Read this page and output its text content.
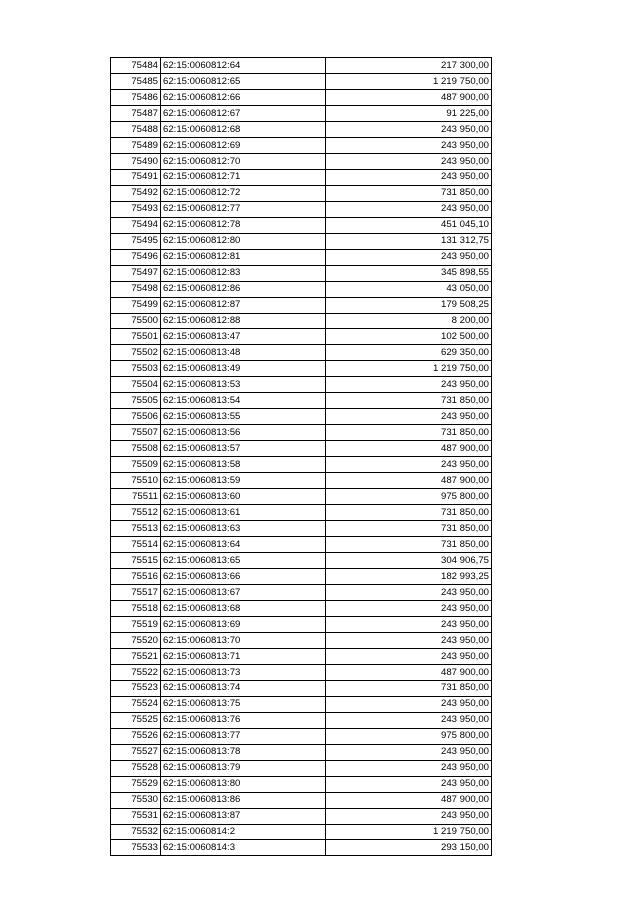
75484	62:15:0060812:64	217 300,00
75485	62:15:0060812:65	1 219 750,00
75486	62:15:0060812:66	487 900,00
75487	62:15:0060812:67	91 225,00
75488	62:15:0060812:68	243 950,00
75489	62:15:0060812:69	243 950,00
75490	62:15:0060812:70	243 950,00
75491	62:15:0060812:71	243 950,00
75492	62:15:0060812:72	731 850,00
75493	62:15:0060812:77	243 950,00
75494	62:15:0060812:78	451 045,10
75495	62:15:0060812:80	131 312,75
75496	62:15:0060812:81	243 950,00
75497	62:15:0060812:83	345 898,55
75498	62:15:0060812:86	43 050,00
75499	62:15:0060812:87	179 508,25
75500	62:15:0060812:88	8 200,00
75501	62:15:0060813:47	102 500,00
75502	62:15:0060813:48	629 350,00
75503	62:15:0060813:49	1 219 750,00
75504	62:15:0060813:53	243 950,00
75505	62:15:0060813:54	731 850,00
75506	62:15:0060813:55	243 950,00
75507	62:15:0060813:56	731 850,00
75508	62:15:0060813:57	487 900,00
75509	62:15:0060813:58	243 950,00
75510	62:15:0060813:59	487 900,00
75511	62:15:0060813:60	975 800,00
75512	62:15:0060813:61	731 850,00
75513	62:15:0060813:63	731 850,00
75514	62:15:0060813:64	731 850,00
75515	62:15:0060813:65	304 906,75
75516	62:15:0060813:66	182 993,25
75517	62:15:0060813:67	243 950,00
75518	62:15:0060813:68	243 950,00
75519	62:15:0060813:69	243 950,00
75520	62:15:0060813:70	243 950,00
75521	62:15:0060813:71	243 950,00
75522	62:15:0060813:73	487 900,00
75523	62:15:0060813:74	731 850,00
75524	62:15:0060813:75	243 950,00
75525	62:15:0060813:76	243 950,00
75526	62:15:0060813:77	975 800,00
75527	62:15:0060813:78	243 950,00
75528	62:15:0060813:79	243 950,00
75529	62:15:0060813:80	243 950,00
75530	62:15:0060813:86	487 900,00
75531	62:15:0060813:87	243 950,00
75532	62:15:0060814:2	1 219 750,00
75533	62:15:0060814:3	293 150,00
